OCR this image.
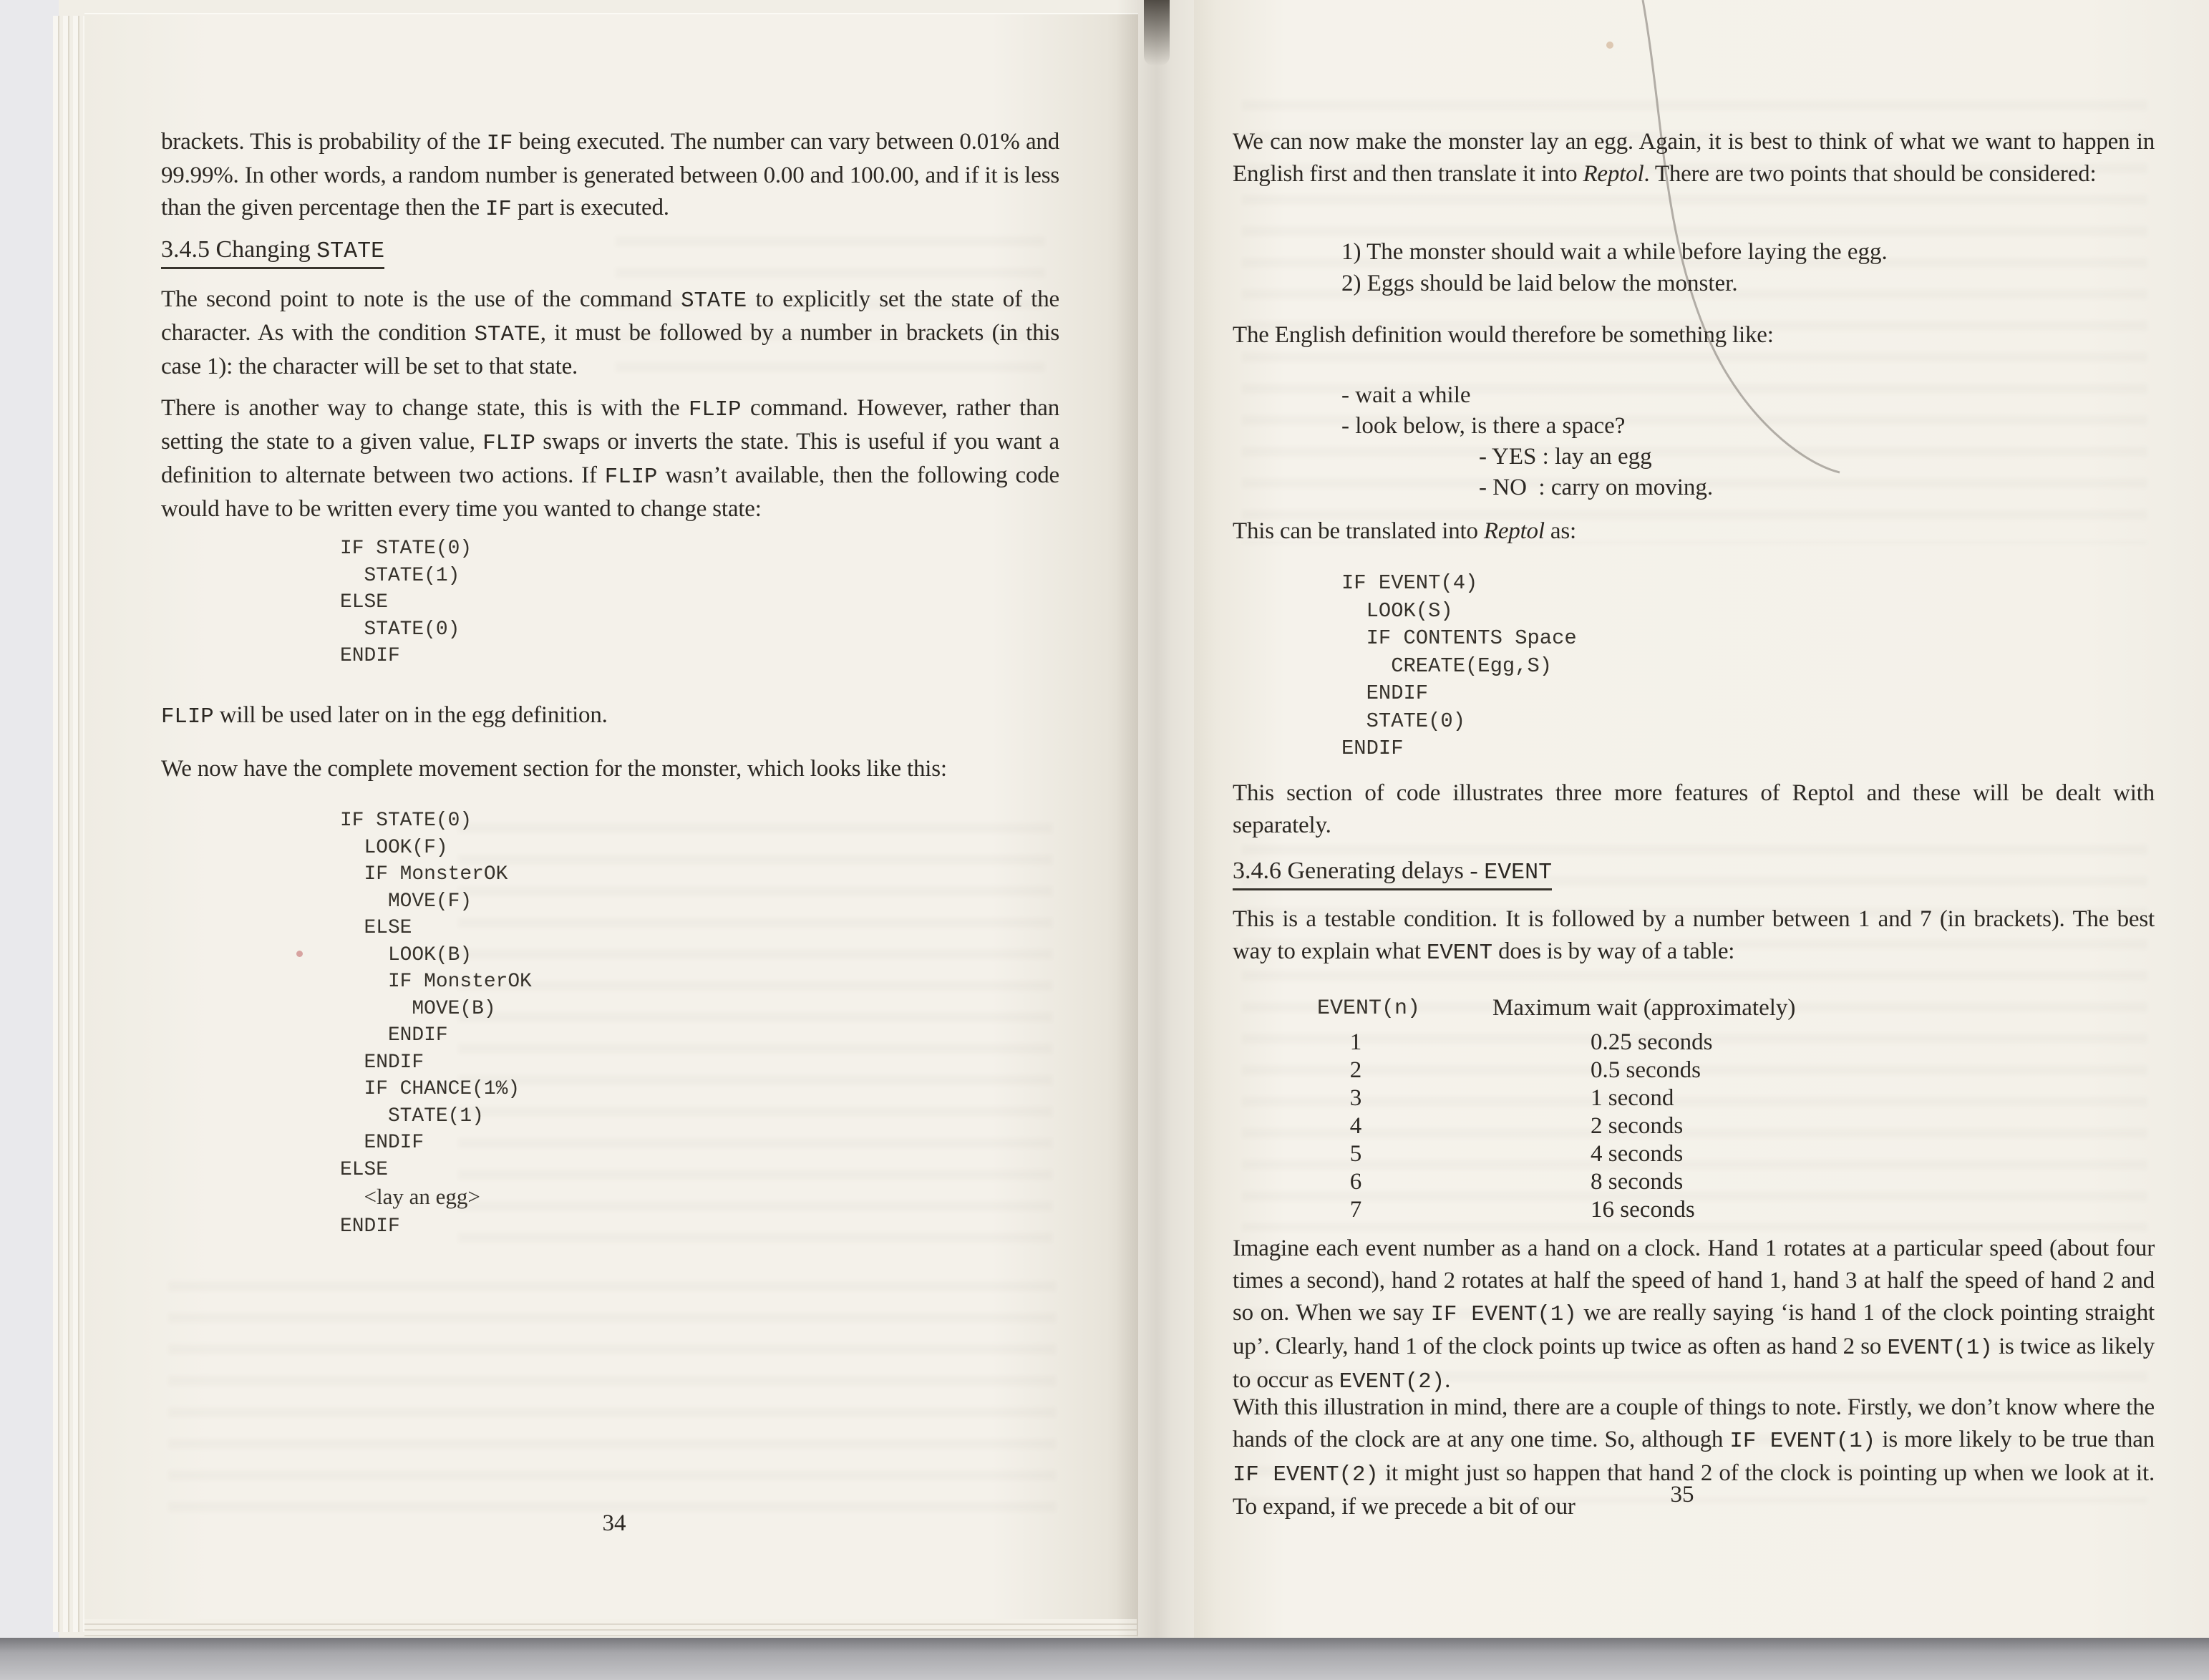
brackets. This is probability of the IF being executed. The number can vary between 0.01% and 99.99%. In other words, a random number is generated between 0.00 and 100.00, and if it is less than the given percentage then the IF part is executed.
3.4.5 Changing STATE
The second point to note is the use of the command STATE to explicitly set the state of the character. As with the condition STATE, it must be followed by a number in brackets (in this case 1): the character will be set to that state.
There is another way to change state, this is with the FLIP command. However, rather than setting the state to a given value, FLIP swaps or inverts the state. This is useful if you want a definition to alternate between two actions. If FLIP wasn’t available, then the following code would have to be written every time you wanted to change state:
IF STATE(0)
STATE(1)
ELSE
STATE(0)
ENDIF
FLIP will be used later on in the egg definition.
We now have the complete movement section for the monster, which looks like this:
IF STATE(0)
LOOK(F)
IF MonsterOK
MOVE(F)
ELSE
LOOK(B)
IF MonsterOK
MOVE(B)
ENDIF
ENDIF
IF CHANCE(1%)
STATE(1)
ENDIF
ELSE
<lay an egg>
ENDIF
34
We can now make the monster lay an egg. Again, it is best to think of what we want to happen in English first and then translate it into Reptol. There are two points that should be considered:
1) The monster should wait a while before laying the egg.
2) Eggs should be laid below the monster.
The English definition would therefore be something like:
- wait a while
- look below, is there a space?
- YES : lay an egg
- NO  : carry on moving.
This can be translated into Reptol as:
IF EVENT(4)
LOOK(S)
IF CONTENTS Space
CREATE(Egg,S)
ENDIF
STATE(0)
ENDIF
This section of code illustrates three more features of Reptol and these will be dealt with separately.
3.4.6 Generating delays - EVENT
This is a testable condition. It is followed by a number between 1 and 7 (in brackets). The best way to explain what EVENT does is by way of a table:
EVENT(n)	Maximum wait (approximately)
1	0.25 seconds
2	0.5 seconds
3	1 second
4	2 seconds
5	4 seconds
6	8 seconds
7	16 seconds
Imagine each event number as a hand on a clock. Hand 1 rotates at a particular speed (about four times a second), hand 2 rotates at half the speed of hand 1, hand 3 at half the speed of hand 2 and so on. When we say IF EVENT(1) we are really saying ‘is hand 1 of the clock pointing straight up’. Clearly, hand 1 of the clock points up twice as often as hand 2 so EVENT(1) is twice as likely to occur as EVENT(2).
With this illustration in mind, there are a couple of things to note. Firstly, we don’t know where the hands of the clock are at any one time. So, although IF EVENT(1) is more likely to be true than IF EVENT(2) it might just so happen that hand 2 of the clock is pointing up when we look at it. To expand, if we precede a bit of our	35
